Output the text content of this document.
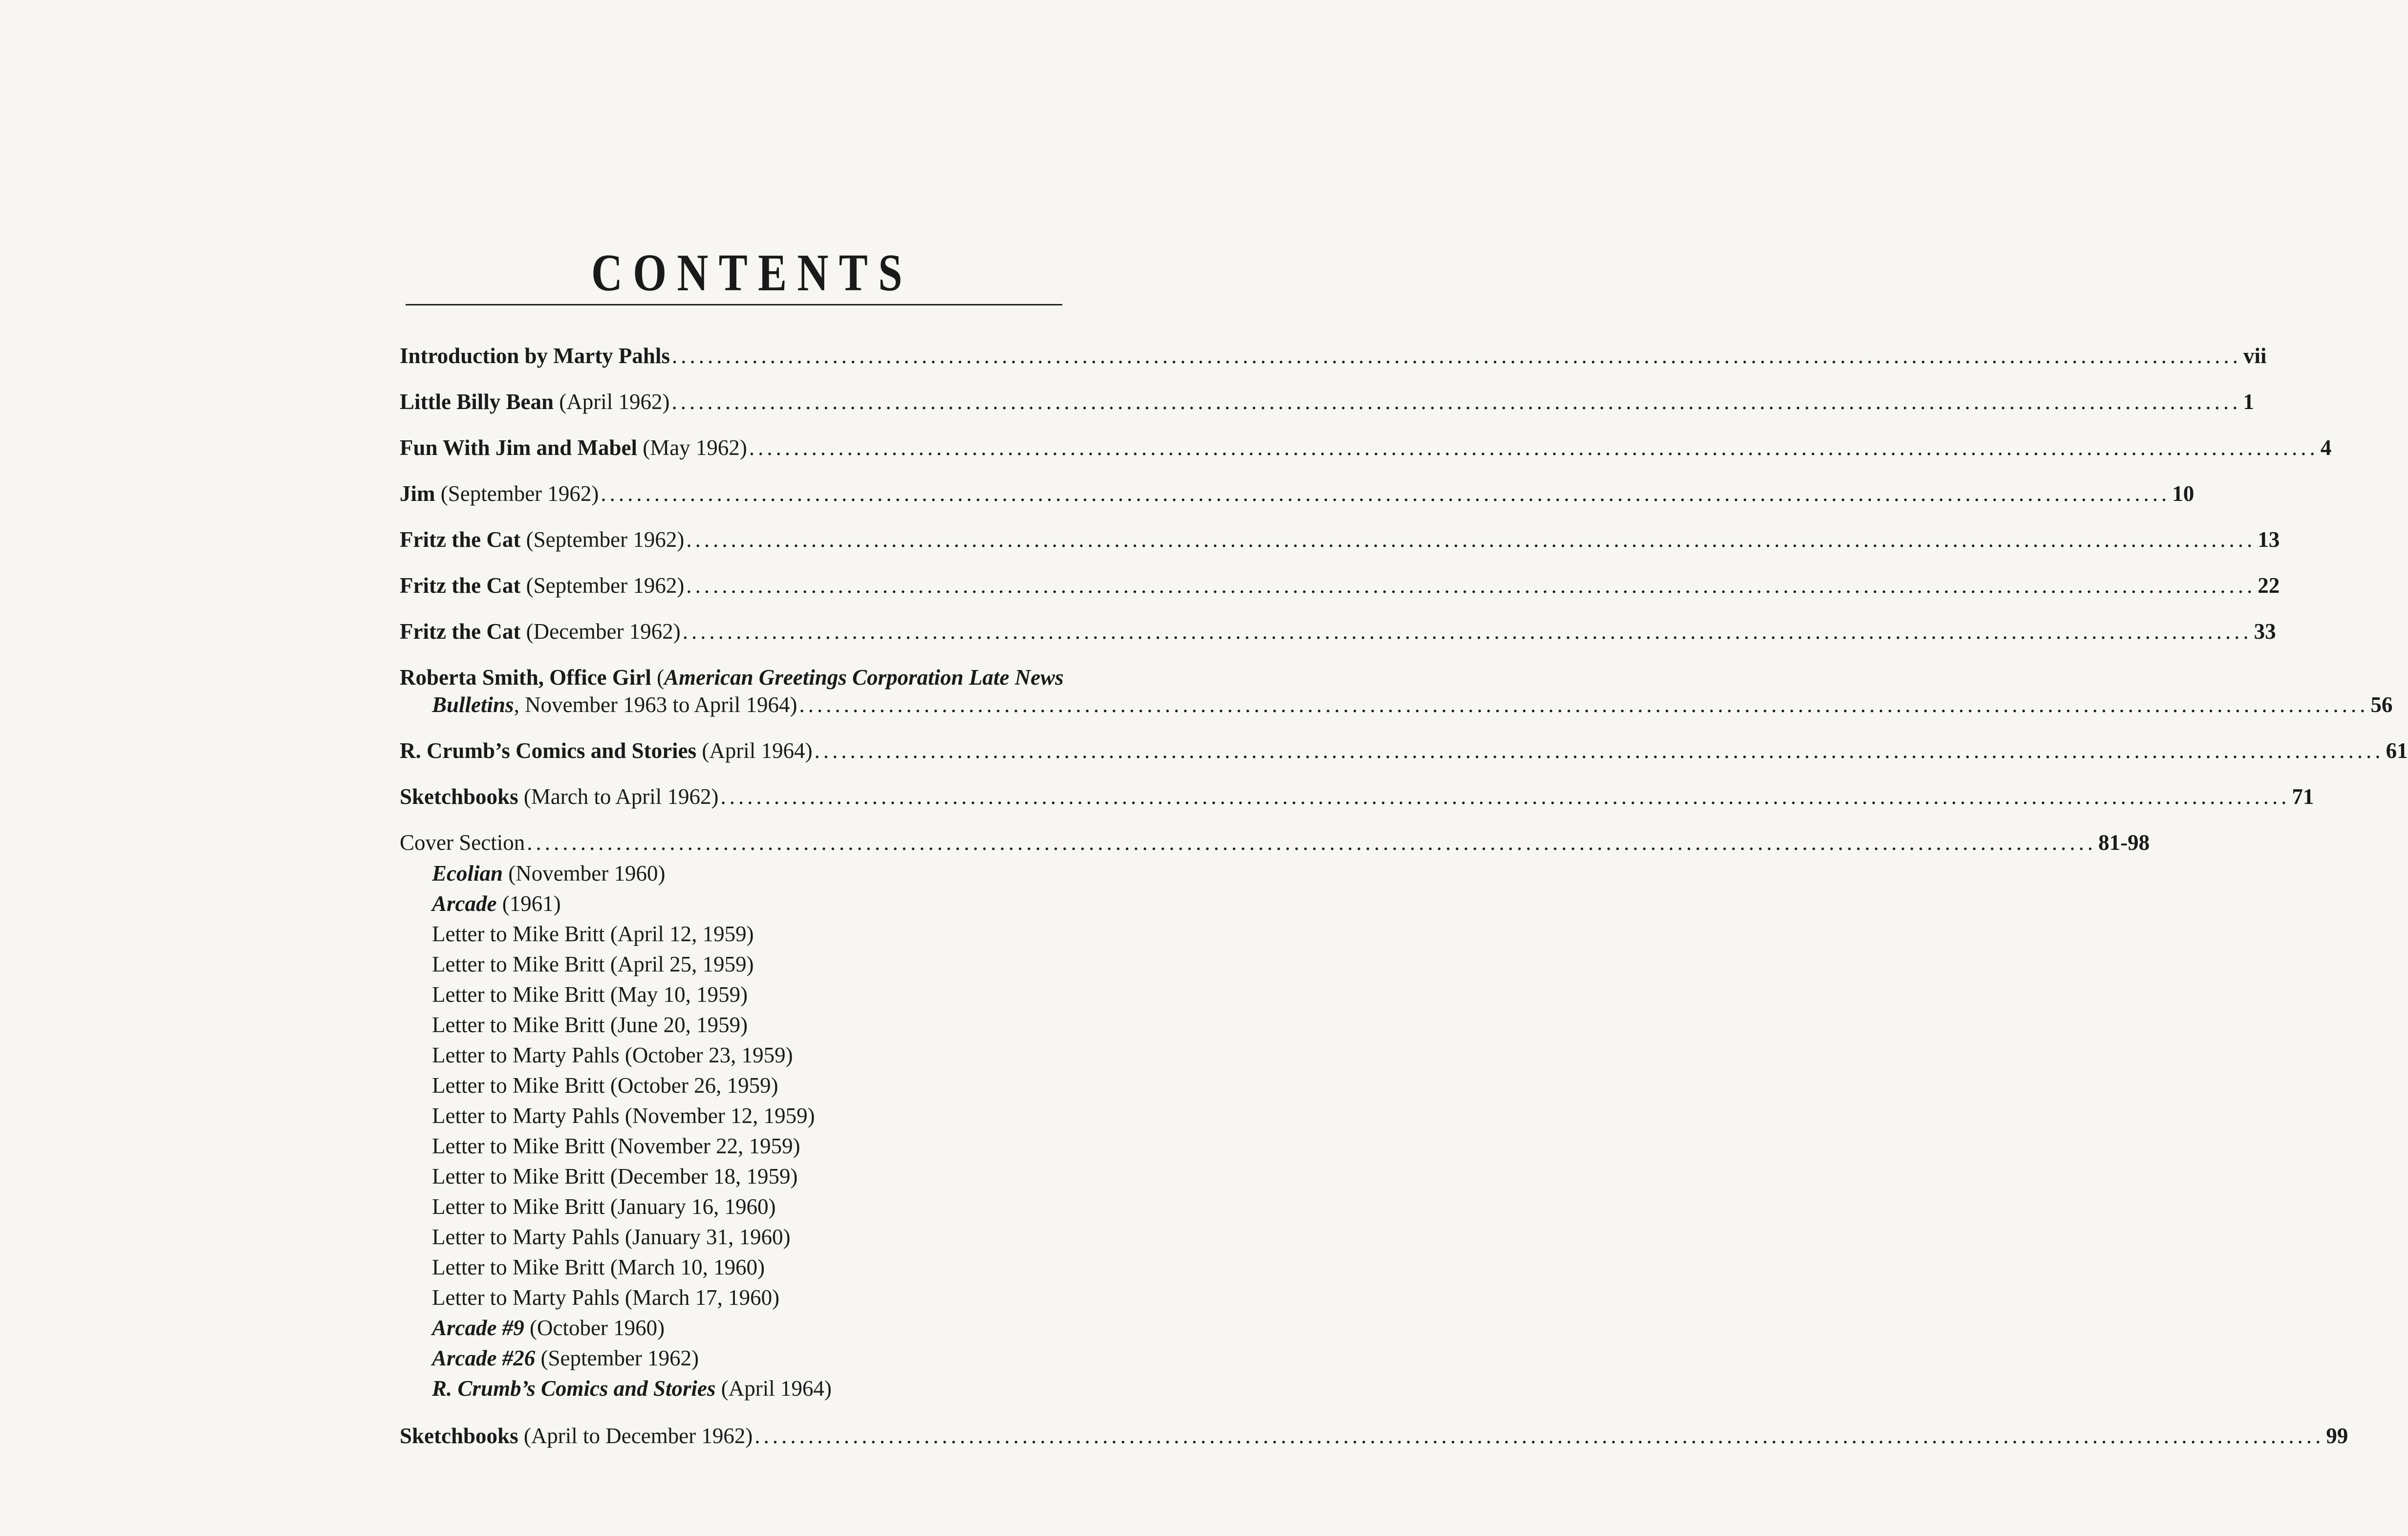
CONTENTS
Introduction by Marty Pahls ................................................................................................................................................................................ vii
Little Billy Bean (April 1962) ................................................................................................................................................................................ 1
Fun With Jim and Mabel (May 1962) ................................................................................................................................................................................ 4
Jim (September 1962) ................................................................................................................................................................................ 10
Fritz the Cat (September 1962) ................................................................................................................................................................................ 13
Fritz the Cat (September 1962) ................................................................................................................................................................................ 22
Fritz the Cat (December 1962) ................................................................................................................................................................................ 33
Roberta Smith, Office Girl (American Greetings Corporation Late News
Bulletins, November 1963 to April 1964) ................................................................................................................................................................................ 56
R. Crumb’s Comics and Stories (April 1964) ................................................................................................................................................................................ 61
Sketchbooks (March to April 1962) ................................................................................................................................................................................ 71
Cover Section ................................................................................................................................................................................ 81-98
Ecolian (November 1960)
Arcade (1961)
Letter to Mike Britt (April 12, 1959)
Letter to Mike Britt (April 25, 1959)
Letter to Mike Britt (May 10, 1959)
Letter to Mike Britt (June 20, 1959)
Letter to Marty Pahls (October 23, 1959)
Letter to Mike Britt (October 26, 1959)
Letter to Marty Pahls (November 12, 1959)
Letter to Mike Britt (November 22, 1959)
Letter to Mike Britt (December 18, 1959)
Letter to Mike Britt (January 16, 1960)
Letter to Marty Pahls (January 31, 1960)
Letter to Mike Britt (March 10, 1960)
Letter to Marty Pahls (March 17, 1960)
Arcade #9 (October 1960)
Arcade #26 (September 1962)
R. Crumb’s Comics and Stories (April 1964)
Sketchbooks (April to December 1962) ................................................................................................................................................................................ 99
